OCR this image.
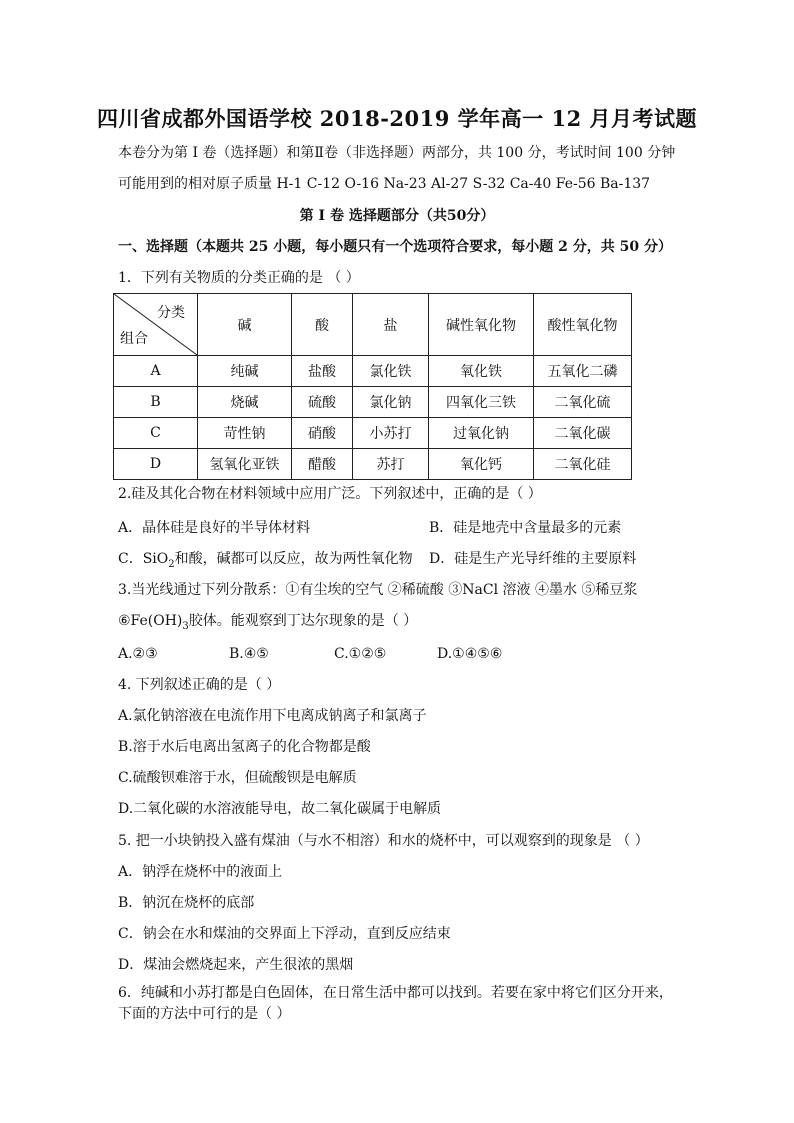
四川省成都外国语学校 2018-2019 学年高一 12 月月考试题
本卷分为第 I 卷（选择题）和第Ⅱ卷（非选择题）两部分，共 100 分，考试时间 100 分钟
可能用到的相对原子质量 H-1 C-12 O-16 Na-23 Al-27 S-32 Ca-40 Fe-56 Ba-137
第 I 卷 选择题部分（共50分）
一、选择题（本题共 25 小题，每小题只有一个选项符合要求，每小题 2 分，共 50 分）
1．下列有关物质的分类正确的是 （ ）
分类
组合	碱	酸	盐	碱性氧化物	酸性氧化物
A	纯碱	盐酸	氯化铁	氧化铁	五氧化二磷
B	烧碱	硫酸	氯化钠	四氧化三铁	二氧化硫
C	苛性钠	硝酸	小苏打	过氧化钠	二氧化碳
D	氢氧化亚铁	醋酸	苏打	氧化钙	二氧化硅
2.硅及其化合物在材料领域中应用广泛。下列叙述中，正确的是（ ）
A．晶体硅是良好的半导体材料	B．硅是地壳中含量最多的元素
C．SiO$_2$和酸，碱都可以反应，故为两性氧化物 D．硅是生产光导纤维的主要原料
3.当光线通过下列分散系：①有尘埃的空气 ②稀硫酸 ③NaCl 溶液 ④墨水 ⑤稀豆浆
$⑥Fe(OH)_3$胶体。能观察到丁达尔现象的是（ ）
A.②③	B.④⑤	C.①②⑤	D.①④⑤⑥
4. 下列叙述正确的是（ ）
A.氯化钠溶液在电流作用下电离成钠离子和氯离子
B.溶于水后电离出氢离子的化合物都是酸
C.硫酸钡难溶于水，但硫酸钡是电解质
D.二氧化碳的水溶液能导电，故二氧化碳属于电解质
5. 把一小块钠投入盛有煤油（与水不相溶）和水的烧杯中，可以观察到的现象是 （ ）
A．钠浮在烧杯中的液面上
B．钠沉在烧杯的底部
C．钠会在水和煤油的交界面上下浮动，直到反应结束
D．煤油会燃烧起来，产生很浓的黑烟
6．纯碱和小苏打都是白色固体，在日常生活中都可以找到。若要在家中将它们区分开来，
下面的方法中可行的是（ ）
